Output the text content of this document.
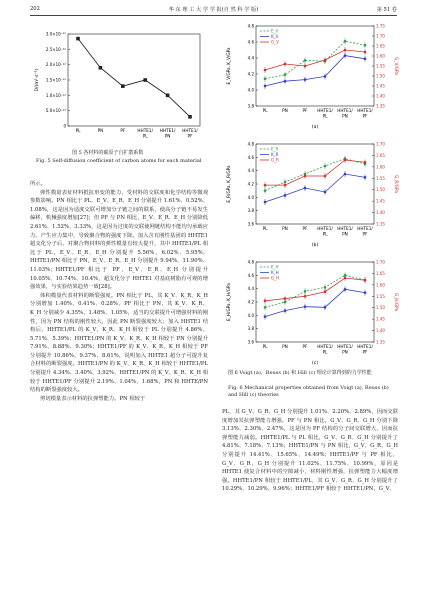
202	华 东 理 工 大 学 学 报(自 然 科 学 版)	第 51 卷
3.0×10⁻¹²
2.5×10⁻¹²
2.0×10⁻¹²
1.5×10⁻¹²
1.0×10⁻¹²
5.0×10⁻¹³
0
PL	PN	PF	HHTE1/
PL
HHTE1/
PN
HHTE1/
PF
D/(m²·s⁻¹)
图 5 各材料的碳原子自扩散系数
Fig. 5 Self-diffusion coefficient of carbon atoms for each material

所示。

弹性模量表征材料抵抗形变的能力，受材料的交联度和化学结构等微观参数影响。PN 相比于 PL，E_V、E_R、E_H 分别提升 1.61%、0.52%、1.08%，这是因为适度交联可增加分子链之间的联系，使高分子链不易发生偏移，机械强度增加[27]；但 PF 与 PN 相比，E_V、E_R、E_H 分别降低 2.61%、1.52%、3.33%，这是因为过度的交联使网链结构不能均匀承载应力，产生应力集中，导致聚合物的强度下降。加入含有刚性基团的 HHTE1 超支化分子后，对聚合物材料的弹性模量有较大提升，其中 HHTE1/PL 相比于 PL，E_V、E_R、E_H 分别提升 5.56%、6.02%、5.95%；HHTE1/PN 相比于 PN，E_V、E_R、E_H 分别提升 9.94%、11.90%、11.03%；HHTE1/PF 相比于 PF，E_V、E_R、E_H 分别提升 10.05%、10.74%、10.4%，超支化分子 HHTE1 对基底树脂有可观的增强效果，与实验结果趋势一致[28]。

体积模量代表材料的断裂强度。PN 相比于 PL，其 K_V、K_R、K_H 分别增加 1.40%、0.41%、0.28%，PF 相比于 PN，其 K_V、K_R、K_H 分别减少 4.35%、1.48%、1.05%，适当的交联提升可增强材料的刚性，因为 PN 结构的刚性较大，因此 PN 断裂强度较大；加入 HHTE1 结构后，HHTE1/PL 的 K_V、K_R、K_H 相较于 PL 分别提升 4.86%、5.71%、5.39%；HHTE1/PN 的 K_V、K_R、K_H 相较于 PN 分别提升 7.91%、8.88%、9.30%；HHTE1/PF 的 K_V、K_R、K_H 相较于 PF 分别提升 10.86%、9.37%、8.61%，说明加入 HHTE1 超分子可提升复合材料的断裂强度。HHTE1/PN 的 K_V、K_R、K_H 相较于 HHTE1/PL 分别提升 4.34%、3.40%、3.92%，HHTE1/PN 的 K_V、K_R、K_H 相较于 HHTE1/PF 分别提升 2.19%、1.04%、1.68%，PN 和 HHTE/PN 结构的断裂强度较大。

剪切模量表示材料的抗弹塑能力。PN 相较于

4.8
4.6
4.4
4.2
4.0
3.8
1.75
1.70
1.65
1.60
1.55
1.50
1.45
1.40
1.35
E_V
K_V
G_V
PL	PN	PF HHTE1/
PL
HHTE1/
PN
HHTE1/
PF
E_V/GPa, K_V/GPa	G_V/GPa
(a)
4.8
4.6
4.4
4.2
4.0
3.8
3.6
1.70
1.65
1.60
1.55
1.50
1.45
1.40
1.35
E_R
K_R
G_R
PL	PN	PF HHTE1/
PL
HHTE1/
PN
HHTE1/
PF
E_R/GPa, K_R/GPa	G_R/GPa
(b)
4.8
4.6
4.4
4.2
4.0
3.8
3.6
1.70
1.65
1.60
1.55
1.50
1.45
1.40
1.35
E_H
K_H
G_H
PL	PN	PF HHTE1/
PL
HHTE1/
PN
HHTE1/
PF
E_H/GPa, K_H/GPa	G_H/GPa
(c)
图 6 Voigt (a)、Reuss (b) 和 Hill (c) 理论计算得到的力学性能
Fig. 6 Mechanical properties obtained from Voigt (a), Reuss (b) and Hill (c) theories

PL，其 G_V、G_R、G_H 分别提升 1.01%、2.20%、2.89%，因而交联度增加其抗弹塑能力增强。PF 与 PN 相比，G_V、G_R、G_H 分别下降 3.13%、2.30%、2.47%，这是因为 PF 结构的分子间交联增大，因而抗弹塑能力减弱。HHTE1/PL 与 PL 相比，G_V、G_R、G_H 分别提升了 4.81%、7.18%、7.13%；HHTE1/PN 与 PN 相比，G_V、G_R、G_H 分别提升 14.41%、15.65%、14.49%；HHTE1/PF 与 PF 相比，G_V、G_R、G_H 分别提升 11.02%、11.75%、10.99%，原因是 HHTE1 使复合材料中的空隙减小，材料刚性增强，抗弹塑能力大幅度增强。HHTE1/PN 相较于 HHTE1/PL，其 G_V、G_R、G_H 分别提升了 10.29%、10.29%、9.96%；HHTE1/PF 相较于 HHTE1/PN，G_V、
